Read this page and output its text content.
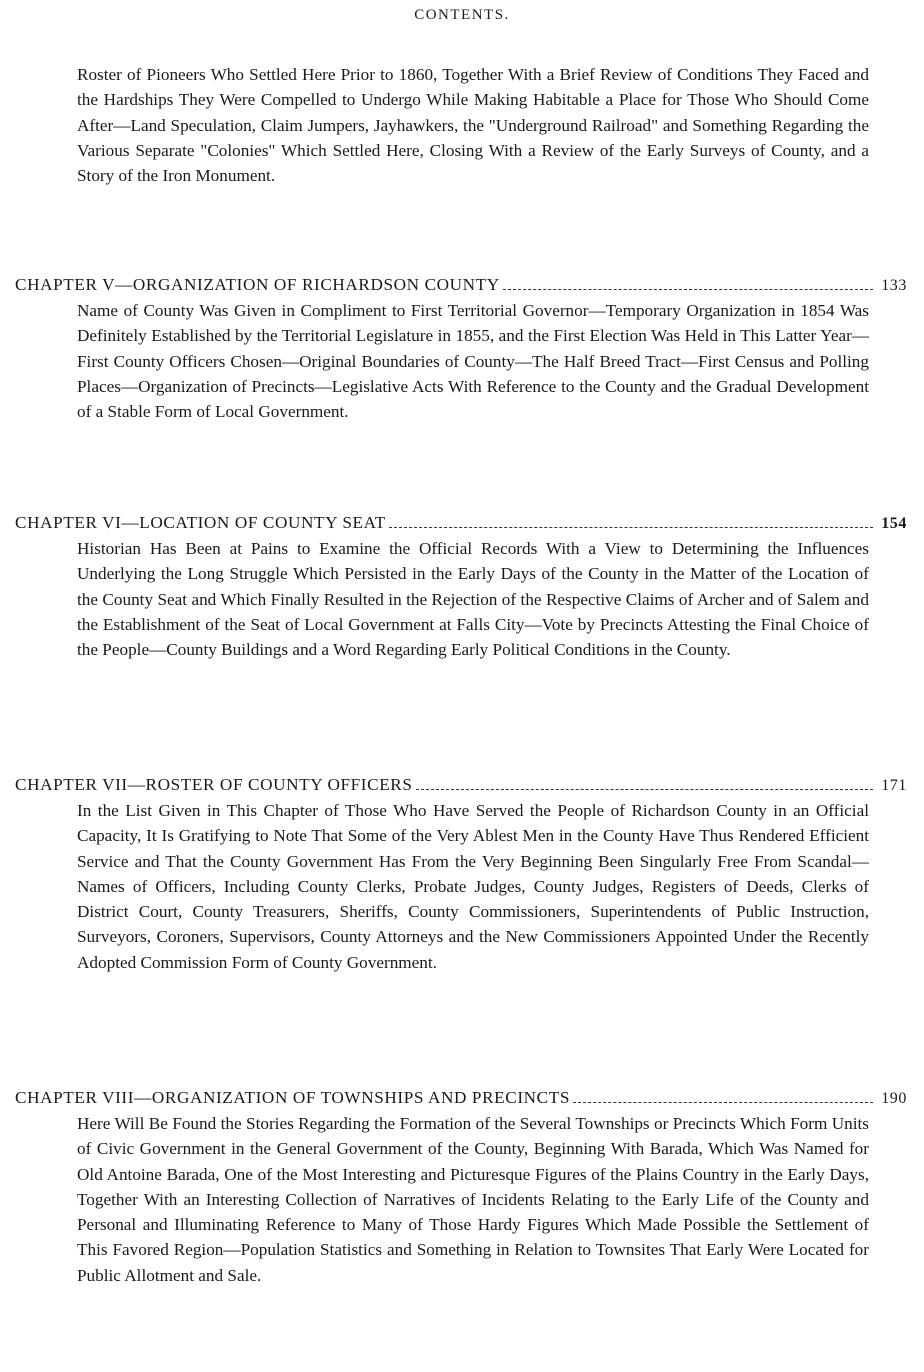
CONTENTS.
Roster of Pioneers Who Settled Here Prior to 1860, Together With a Brief Review of Conditions They Faced and the Hardships They Were Compelled to Undergo While Making Habitable a Place for Those Who Should Come After—Land Speculation, Claim Jumpers, Jayhawkers, the "Underground Railroad" and Something Regarding the Various Separate "Colonies" Which Settled Here, Closing With a Review of the Early Surveys of County, and a Story of the Iron Monument.
CHAPTER V—ORGANIZATION OF RICHARDSON COUNTY	133
Name of County Was Given in Compliment to First Territorial Governor—Temporary Organization in 1854 Was Definitely Established by the Territorial Legislature in 1855, and the First Election Was Held in This Latter Year—First County Officers Chosen—Original Boundaries of County—The Half Breed Tract—First Census and Polling Places—Organization of Precincts—Legislative Acts With Reference to the County and the Gradual Development of a Stable Form of Local Government.
CHAPTER VI—LOCATION OF COUNTY SEAT	154
Historian Has Been at Pains to Examine the Official Records With a View to Determining the Influences Underlying the Long Struggle Which Persisted in the Early Days of the County in the Matter of the Location of the County Seat and Which Finally Resulted in the Rejection of the Respective Claims of Archer and of Salem and the Establishment of the Seat of Local Government at Falls City—Vote by Precincts Attesting the Final Choice of the People—County Buildings and a Word Regarding Early Political Conditions in the County.
CHAPTER VII—ROSTER OF COUNTY OFFICERS	171
In the List Given in This Chapter of Those Who Have Served the People of Richardson County in an Official Capacity, It Is Gratifying to Note That Some of the Very Ablest Men in the County Have Thus Rendered Efficient Service and That the County Government Has From the Very Beginning Been Singularly Free From Scandal—Names of Officers, Including County Clerks, Probate Judges, County Judges, Registers of Deeds, Clerks of District Court, County Treasurers, Sheriffs, County Commissioners, Superintendents of Public Instruction, Surveyors, Coroners, Supervisors, County Attorneys and the New Commissioners Appointed Under the Recently Adopted Commission Form of County Government.
CHAPTER VIII—ORGANIZATION OF TOWNSHIPS AND PRECINCTS	190
Here Will Be Found the Stories Regarding the Formation of the Several Townships or Precincts Which Form Units of Civic Government in the General Government of the County, Beginning With Barada, Which Was Named for Old Antoine Barada, One of the Most Interesting and Picturesque Figures of the Plains Country in the Early Days, Together With an Interesting Collection of Narratives of Incidents Relating to the Early Life of the County and Personal and Illuminating Reference to Many of Those Hardy Figures Which Made Possible the Settlement of This Favored Region—Population Statistics and Something in Relation to Townsites That Early Were Located for Public Allotment and Sale.
